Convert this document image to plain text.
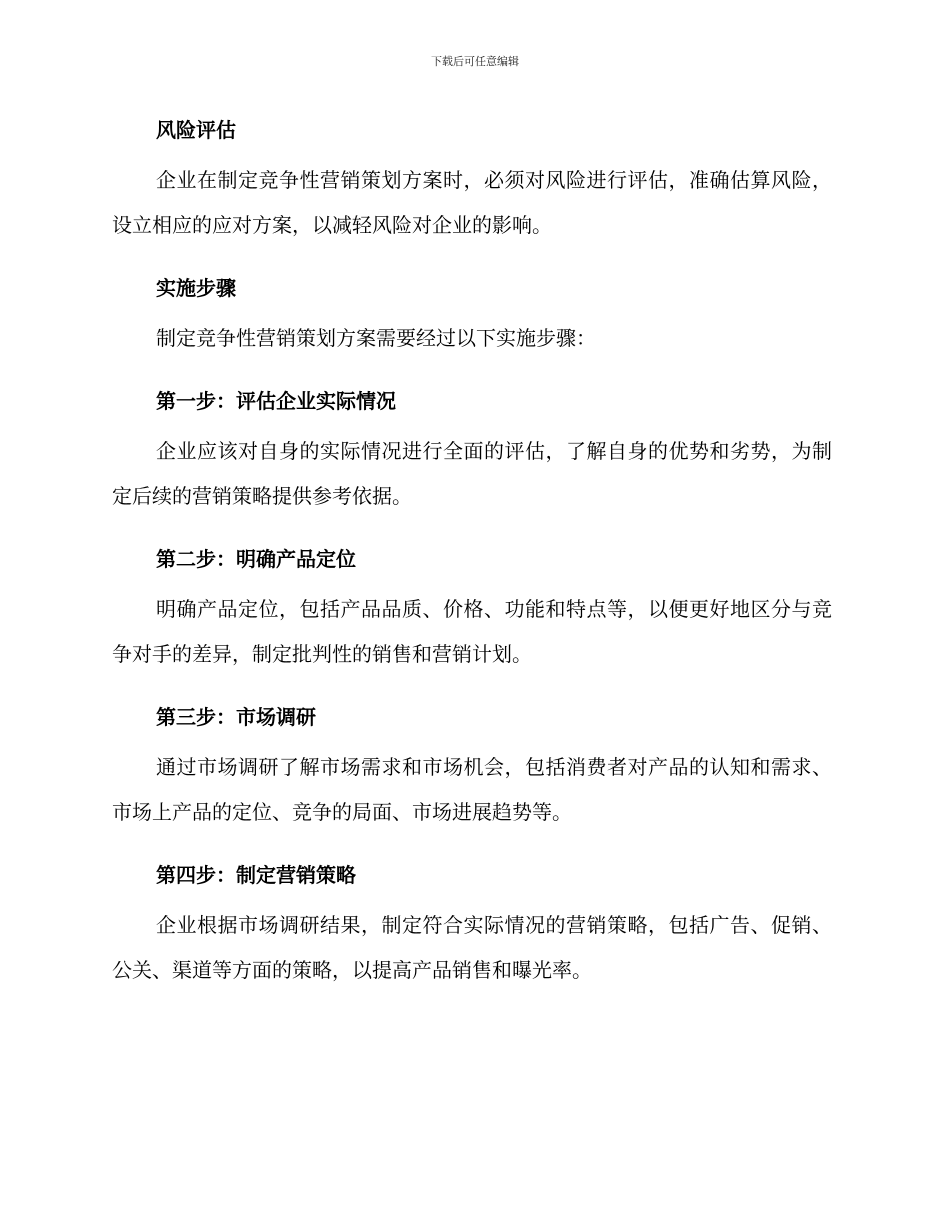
下载后可任意编辑
风险评估

企业在制定竞争性营销策划方案时，必须对风险进行评估，准确估算风险，设立相应的应对方案，以减轻风险对企业的影响。

实施步骤

制定竞争性营销策划方案需要经过以下实施步骤：

第一步：评估企业实际情况

企业应该对自身的实际情况进行全面的评估，了解自身的优势和劣势，为制定后续的营销策略提供参考依据。

第二步：明确产品定位

明确产品定位，包括产品品质、价格、功能和特点等，以便更好地区分与竞争对手的差异，制定批判性的销售和营销计划。

第三步：市场调研

通过市场调研了解市场需求和市场机会，包括消费者对产品的认知和需求、市场上产品的定位、竞争的局面、市场进展趋势等。

第四步：制定营销策略

企业根据市场调研结果，制定符合实际情况的营销策略，包括广告、促销、公关、渠道等方面的策略，以提高产品销售和曝光率。
